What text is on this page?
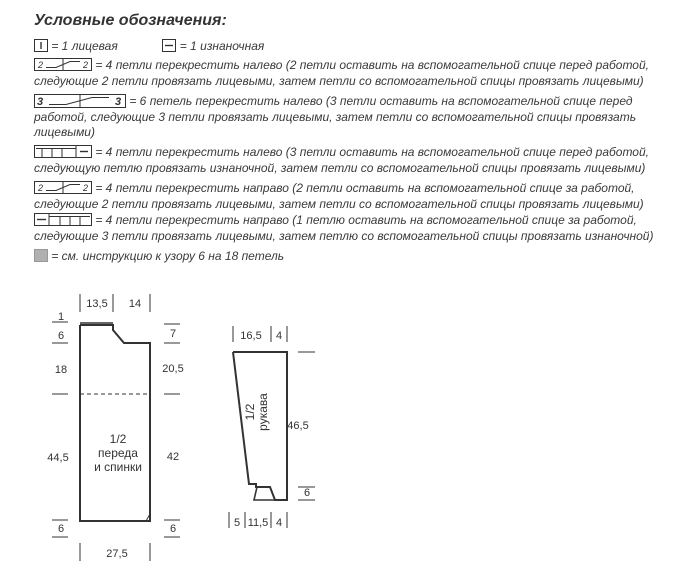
Условные обозначения:
= 1 лицевая	= 1 изнаночная
2	2 = 4 петли перекрестить налево (2 петли оставить на вспомогательной спице перед работой,
следующие 2 петли провязать лицевыми, затем петли со вспомогательной спицы провязать лицевыми)
3	3 = 6 петель перекрестить налево (3 петли оставить на вспомогательной спице перед
работой, следующие 3 петли провязать лицевыми, затем петли со вспомогательной спицы провязать
лицевыми)
= 4 петли перекрестить налево (3 петли оставить на вспомогательной спице перед работой,
следующую петлю провязать изнаночной, затем петли со вспомогательной спицы провязать лицевыми)
2	2 = 4 петли перекрестить направо (2 петли оставить на вспомогательной спице за работой,
следующие 2 петли провязать лицевыми, затем петли со вспомогательной спицы провязать лицевыми)
= 4 петли перекрестить направо (1 петлю оставить на вспомогательной спице за работой,
следующие 3 петли провязать лицевыми, затем петлю со вспомогательной спицы провязать изнаночной)
= см. инструкцию к узору 6 на 18 петель
1/2
переда
и спинки
13,5 14
1
6
18
44,5
6
7
20,5
42
6
27,5
16,5 4
46,5
6
5 11,5 4
1/2 рукава
